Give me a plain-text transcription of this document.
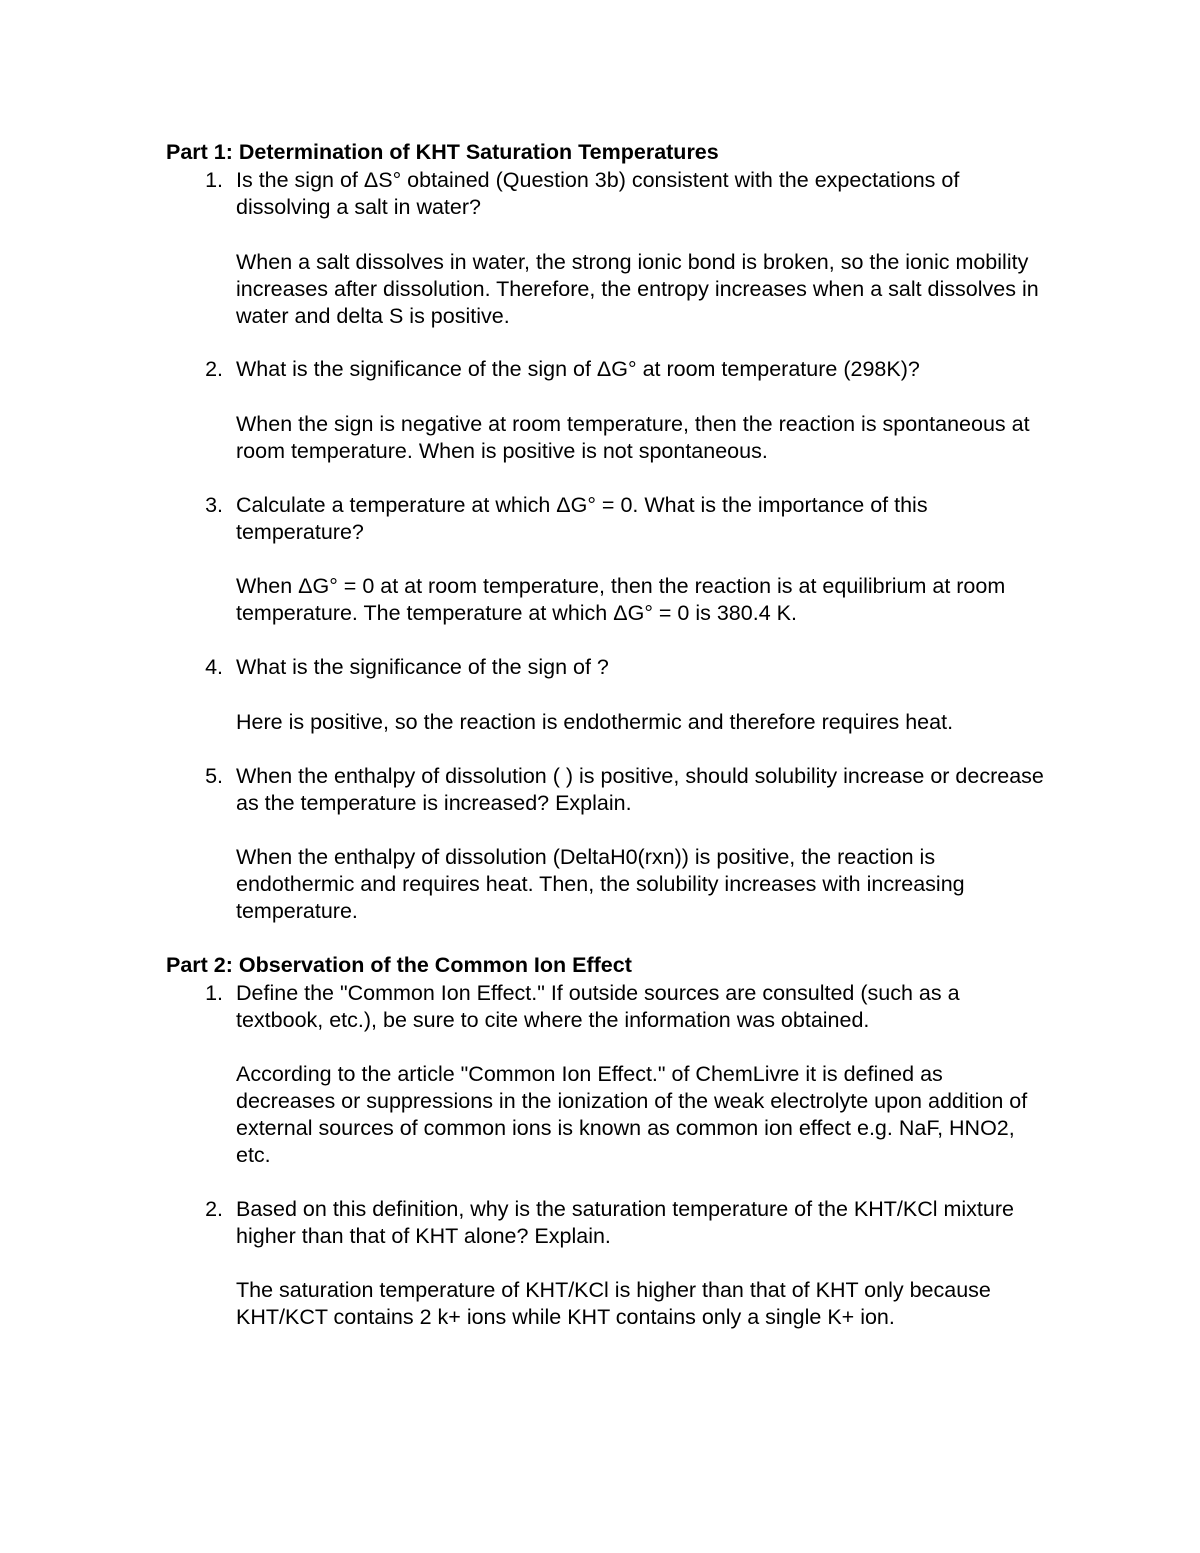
Part 1: Determination of KHT Saturation Temperatures
1. Is the sign of ΔS° obtained (Question 3b) consistent with the expectations of dissolving a salt in water?
When a salt dissolves in water, the strong ionic bond is broken, so the ionic mobility increases after dissolution. Therefore, the entropy increases when a salt dissolves in water and delta S is positive.
2. What is the significance of the sign of ΔG° at room temperature (298K)?
When the sign is negative at room temperature, then the reaction is spontaneous at room temperature. When is positive is not spontaneous.
3. Calculate a temperature at which ΔG° = 0. What is the importance of this temperature?
When ΔG° = 0 at at room temperature, then the reaction is at equilibrium at room temperature. The temperature at which ΔG° = 0 is 380.4 K.
4. What is the significance of the sign of ?
Here is positive, so the reaction is endothermic and therefore requires heat.
5. When the enthalpy of dissolution ( ) is positive, should solubility increase or decrease as the temperature is increased? Explain.
When the enthalpy of dissolution (DeltaH0(rxn)) is positive, the reaction is endothermic and requires heat. Then, the solubility increases with increasing temperature.
Part 2: Observation of the Common Ion Effect
1. Define the "Common Ion Effect." If outside sources are consulted (such as a textbook, etc.), be sure to cite where the information was obtained.
According to the article "Common Ion Effect." of ChemLivre it is defined as decreases or suppressions in the ionization of the weak electrolyte upon addition of external sources of common ions is known as common ion effect e.g. NaF, HNO2, etc.
2. Based on this definition, why is the saturation temperature of the KHT/KCl mixture higher than that of KHT alone? Explain.
The saturation temperature of KHT/KCl is higher than that of KHT only because KHT/KCT contains 2 k+ ions while KHT contains only a single K+ ion.
